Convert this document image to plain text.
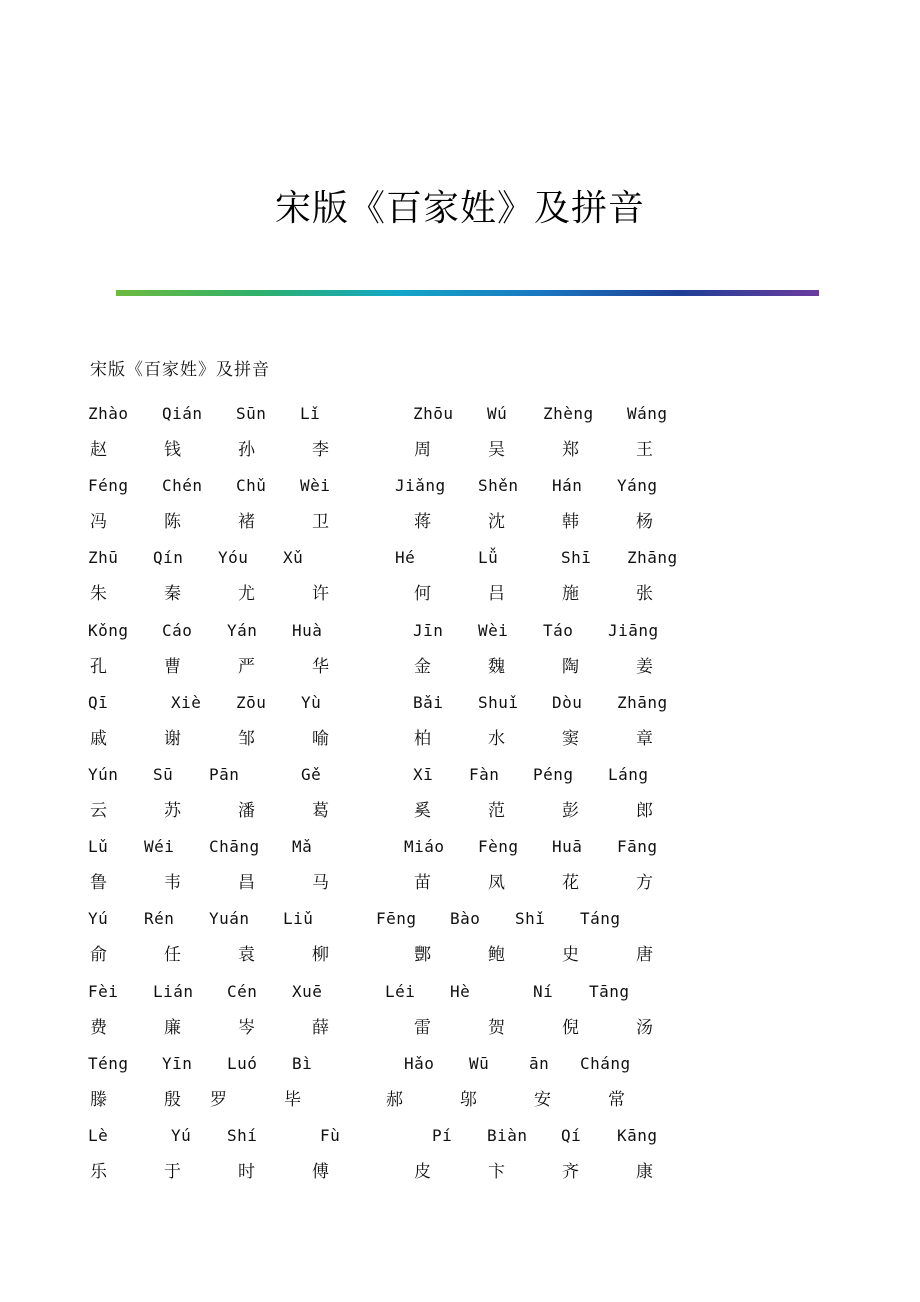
宋版《百家姓》及拼音
宋版《百家姓》及拼音
Zhào Qián Sūn Lǐ	Zhōu Wú Zhèng Wáng
赵	钱	孙	李	周	吴	郑	王
Féng Chén Chǔ Wèi	Jiǎng Shěn Hán Yáng
冯	陈	褚	卫	蒋	沈	韩	杨
Zhū Qín Yóu Xǔ	Hé	Lǚ	Shī Zhāng
朱	秦	尤	许	何	吕	施	张
Kǒng Cáo Yán Huà	Jīn Wèi Táo Jiāng
孔	曹	严	华	金	魏	陶	姜
Qī	Xiè Zōu Yù	Bǎi Shuǐ Dòu Zhāng
戚	谢	邹	喻	柏	水	窦	章
Yún Sū Pān	Gě	Xī Fàn Péng Láng
云	苏	潘	葛	奚	范	彭	郎
Lǔ Wéi Chāng Mǎ	Miáo Fèng Huā Fāng
鲁	韦	昌	马	苗	凤	花	方
Yú Rén Yuán Liǔ	Fēng Bào Shǐ Táng
俞	任	袁	柳	酆	鲍	史	唐
Fèi Lián Cén Xuē	Léi Hè	Ní Tāng
费	廉	岑	薛	雷	贺	倪	汤
Téng Yīn Luó Bì	Hǎo Wū ān Cháng
滕	殷 罗	毕	郝	邬	安	常
Lè	Yú Shí	Fù	Pí Biàn Qí Kāng
乐	于	时	傅	皮	卞	齐	康
